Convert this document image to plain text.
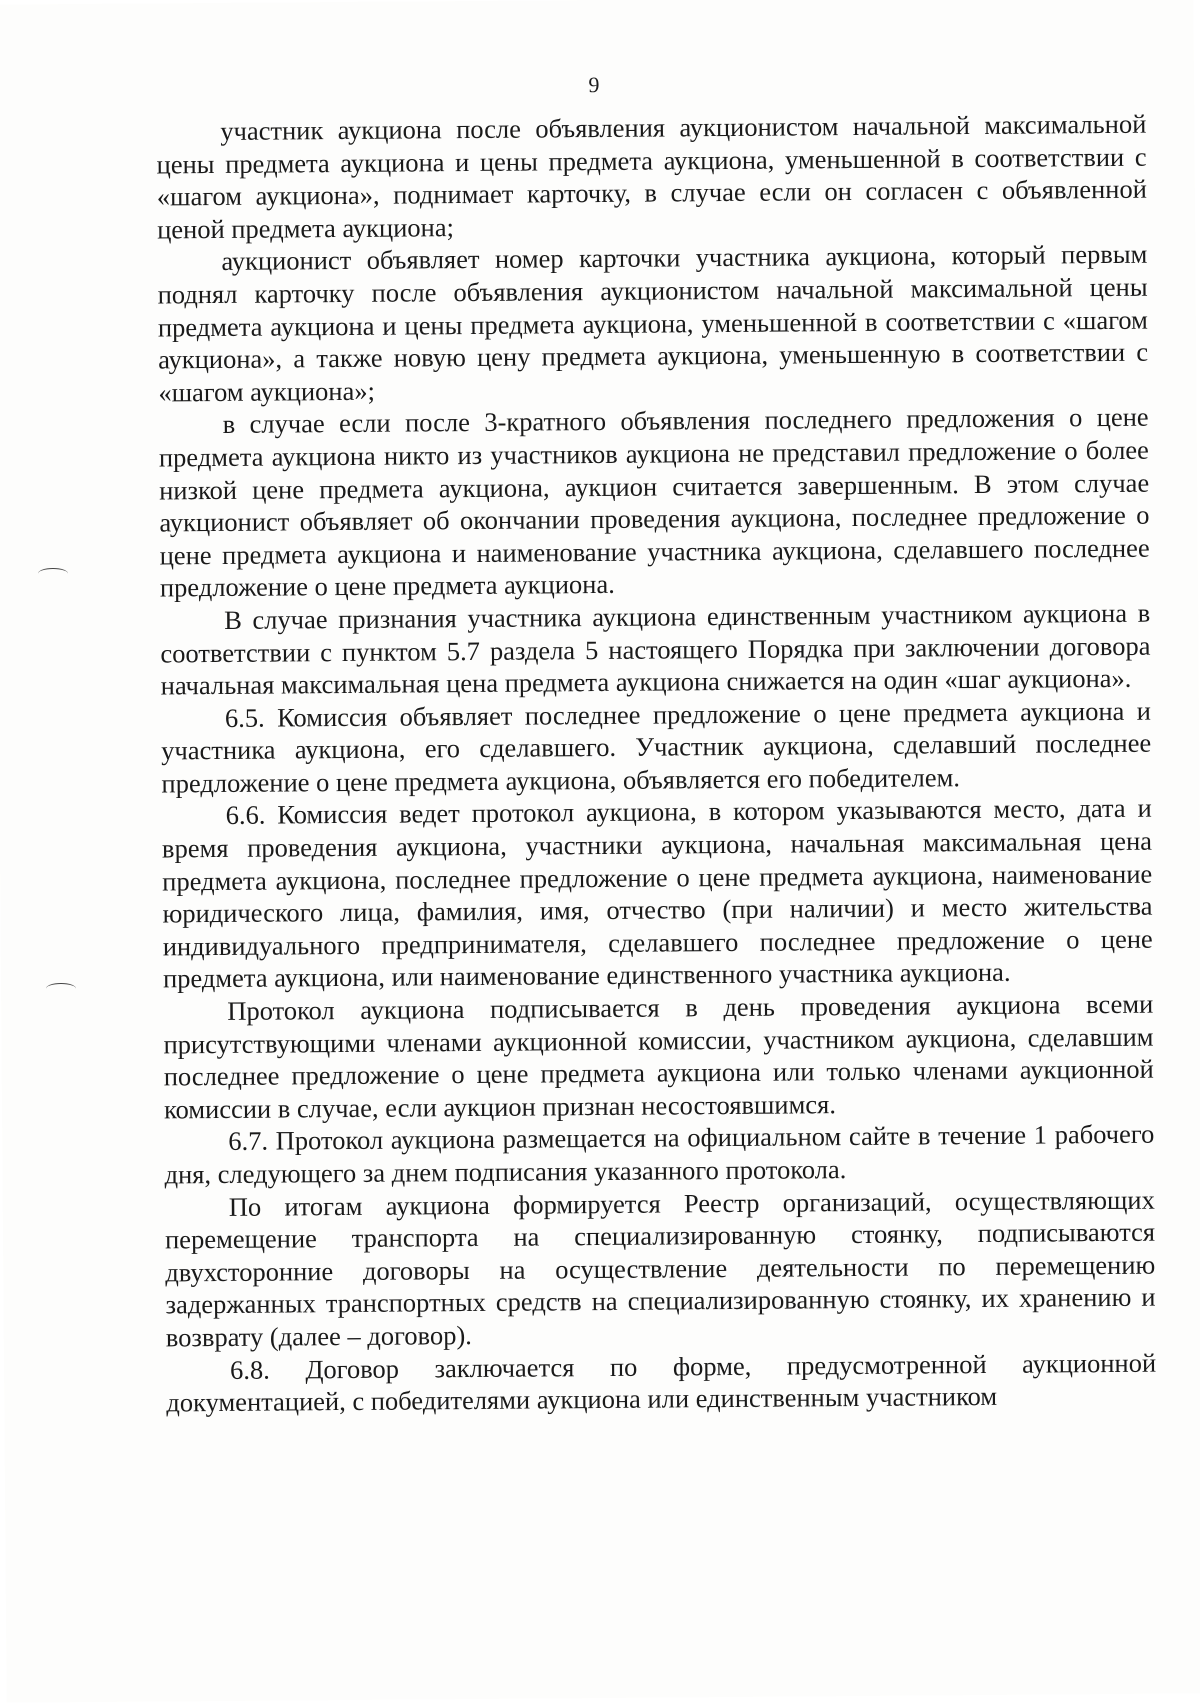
9

участник аукциона после объявления аукционистом начальной максимальной цены предмета аукциона и цены предмета аукциона, уменьшенной в соответствии с «шагом аукциона», поднимает карточку, в случае если он согласен с объявленной ценой предмета аукциона;

аукционист объявляет номер карточки участника аукциона, который первым поднял карточку после объявления аукционистом начальной максимальной цены предмета аукциона и цены предмета аукциона, уменьшенной в соответствии с «шагом аукциона», а также новую цену предмета аукциона, уменьшенную в соответствии с «шагом аукциона»;

в случае если после 3-кратного объявления последнего предложения о цене предмета аукциона никто из участников аукциона не представил предложение о более низкой цене предмета аукциона, аукцион считается завершенным. В этом случае аукционист объявляет об окончании проведения аукциона, последнее предложение о цене предмета аукциона и наименование участника аукциона, сделавшего последнее предложение о цене предмета аукциона.

В случае признания участника аукциона единственным участником аукциона в соответствии с пунктом 5.7 раздела 5 настоящего Порядка при заключении договора начальная максимальная цена предмета аукциона снижается на один «шаг аукциона».

6.5. Комиссия объявляет последнее предложение о цене предмета аукциона и участника аукциона, его сделавшего. Участник аукциона, сделавший последнее предложение о цене предмета аукциона, объявляется его победителем.

6.6. Комиссия ведет протокол аукциона, в котором указываются место, дата и время проведения аукциона, участники аукциона, начальная максимальная цена предмета аукциона, последнее предложение о цене предмета аукциона, наименование юридического лица, фамилия, имя, отчество (при наличии) и место жительства индивидуального предпринимателя, сделавшего последнее предложение о цене предмета аукциона, или наименование единственного участника аукциона.

Протокол аукциона подписывается в день проведения аукциона всеми присутствующими членами аукционной комиссии, участником аукциона, сделавшим последнее предложение о цене предмета аукциона или только членами аукционной комиссии в случае, если аукцион признан несостоявшимся.

6.7. Протокол аукциона размещается на официальном сайте в течение 1 рабочего дня, следующего за днем подписания указанного протокола.

По итогам аукциона формируется Реестр организаций, осуществляющих перемещение транспорта на специализированную стоянку, подписываются двухсторонние договоры на осуществление деятельности по перемещению задержанных транспортных средств на специализированную стоянку, их хранению и возврату (далее – договор).

6.8. Договор заключается по форме, предусмотренной аукционной документацией, с победителями аукциона или единственным участником
